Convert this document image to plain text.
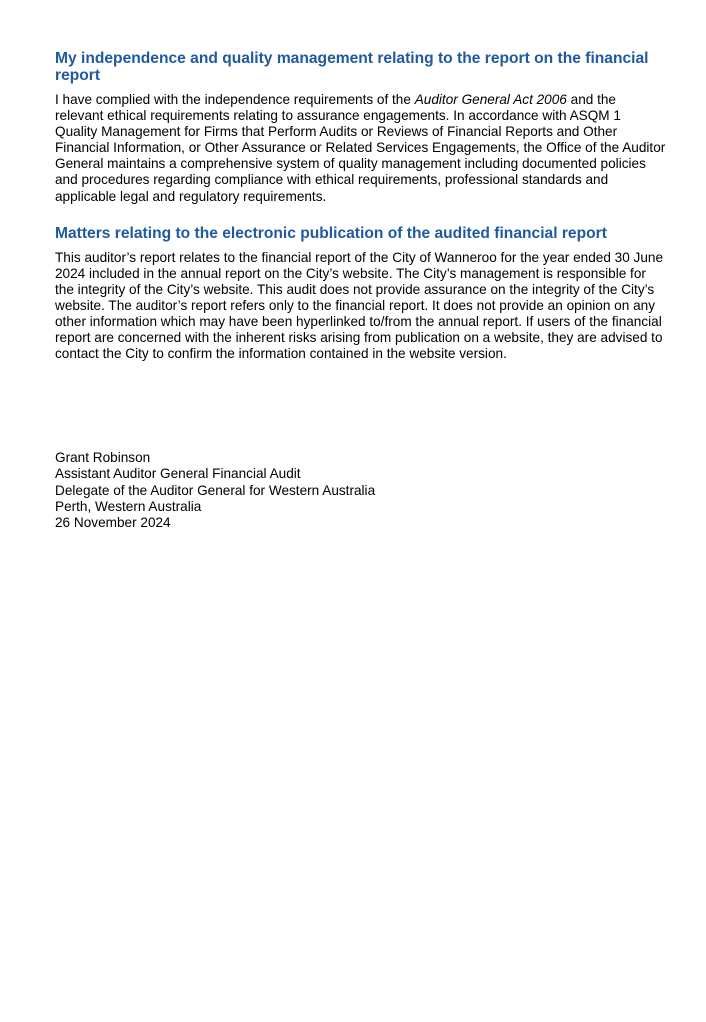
My independence and quality management relating to the report on the financial report

I have complied with the independence requirements of the Auditor General Act 2006 and the relevant ethical requirements relating to assurance engagements. In accordance with ASQM 1 Quality Management for Firms that Perform Audits or Reviews of Financial Reports and Other Financial Information, or Other Assurance or Related Services Engagements, the Office of the Auditor General maintains a comprehensive system of quality management including documented policies and procedures regarding compliance with ethical requirements, professional standards and applicable legal and regulatory requirements.

Matters relating to the electronic publication of the audited financial report

This auditor’s report relates to the financial report of the City of Wanneroo for the year ended 30 June 2024 included in the annual report on the City’s website. The City’s management is responsible for the integrity of the City’s website. This audit does not provide assurance on the integrity of the City’s website. The auditor’s report refers only to the financial report. It does not provide an opinion on any other information which may have been hyperlinked to/from the annual report. If users of the financial report are concerned with the inherent risks arising from publication on a website, they are advised to contact the City to confirm the information contained in the website version.

Grant Robinson
Assistant Auditor General Financial Audit
Delegate of the Auditor General for Western Australia
Perth, Western Australia
26 November 2024
